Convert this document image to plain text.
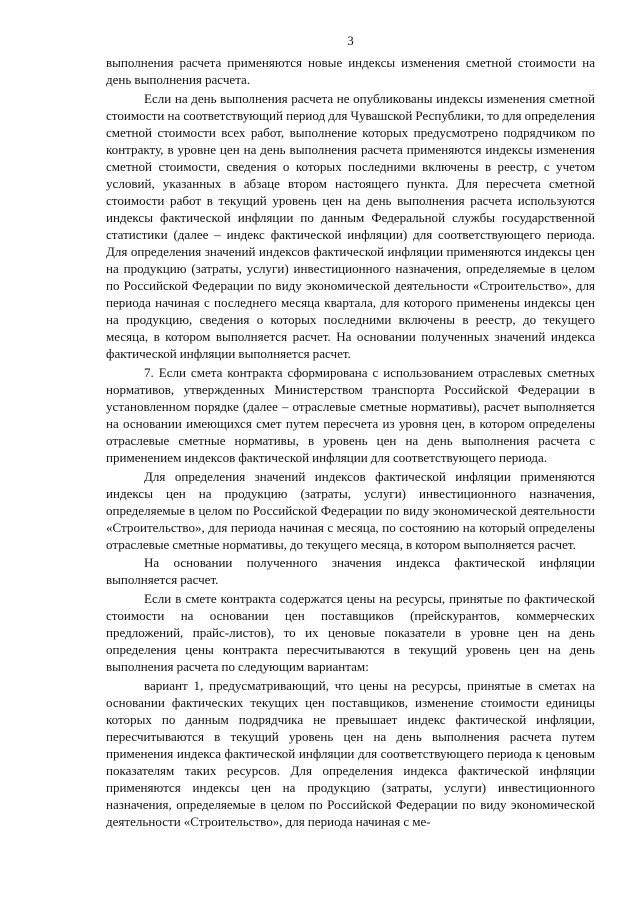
3

выполнения расчета применяются новые индексы изменения сметной стоимости на день выполнения расчета.

Если на день выполнения расчета не опубликованы индексы изменения сметной стоимости на соответствующий период для Чувашской Республики, то для определения сметной стоимости всех работ, выполнение которых предусмотрено подрядчиком по контракту, в уровне цен на день выполнения расчета применяются индексы изменения сметной стоимости, сведения о которых последними включены в реестр, с учетом условий, указанных в абзаце втором настоящего пункта. Для пересчета сметной стоимости работ в текущий уровень цен на день выполнения расчета используются индексы фактической инфляции по данным Федеральной службы государственной статистики (далее – индекс фактической инфляции) для соответствующего периода. Для определения значений индексов фактической инфляции применяются индексы цен на продукцию (затраты, услуги) инвестиционного назначения, определяемые в целом по Российской Федерации по виду экономической деятельности «Строительство», для периода начиная с последнего месяца квартала, для которого применены индексы цен на продукцию, сведения о которых последними включены в реестр, до текущего месяца, в котором выполняется расчет. На основании полученных значений индекса фактической инфляции выполняется расчет.

7. Если смета контракта сформирована с использованием отраслевых сметных нормативов, утвержденных Министерством транспорта Российской Федерации в установленном порядке (далее – отраслевые сметные нормативы), расчет выполняется на основании имеющихся смет путем пересчета из уровня цен, в котором определены отраслевые сметные нормативы, в уровень цен на день выполнения расчета с применением индексов фактической инфляции для соответствующего периода.

Для определения значений индексов фактической инфляции применяются индексы цен на продукцию (затраты, услуги) инвестиционного назначения, определяемые в целом по Российской Федерации по виду экономической деятельности «Строительство», для периода начиная с месяца, по состоянию на который определены отраслевые сметные нормативы, до текущего месяца, в котором выполняется расчет.

На основании полученного значения индекса фактической инфляции выполняется расчет.

Если в смете контракта содержатся цены на ресурсы, принятые по фактической стоимости на основании цен поставщиков (прейскурантов, коммерческих предложений, прайс-листов), то их ценовые показатели в уровне цен на день определения цены контракта пересчитываются в текущий уровень цен на день выполнения расчета по следующим вариантам:

вариант 1, предусматривающий, что цены на ресурсы, принятые в сметах на основании фактических текущих цен поставщиков, изменение стоимости единицы которых по данным подрядчика не превышает индекс фактической инфляции, пересчитываются в текущий уровень цен на день выполнения расчета путем применения индекса фактической инфляции для соответствующего периода к ценовым показателям таких ресурсов. Для определения индекса фактической инфляции применяются индексы цен на продукцию (затраты, услуги) инвестиционного назначения, определяемые в целом по Российской Федерации по виду экономической деятельности «Строительство», для периода начиная с ме-
